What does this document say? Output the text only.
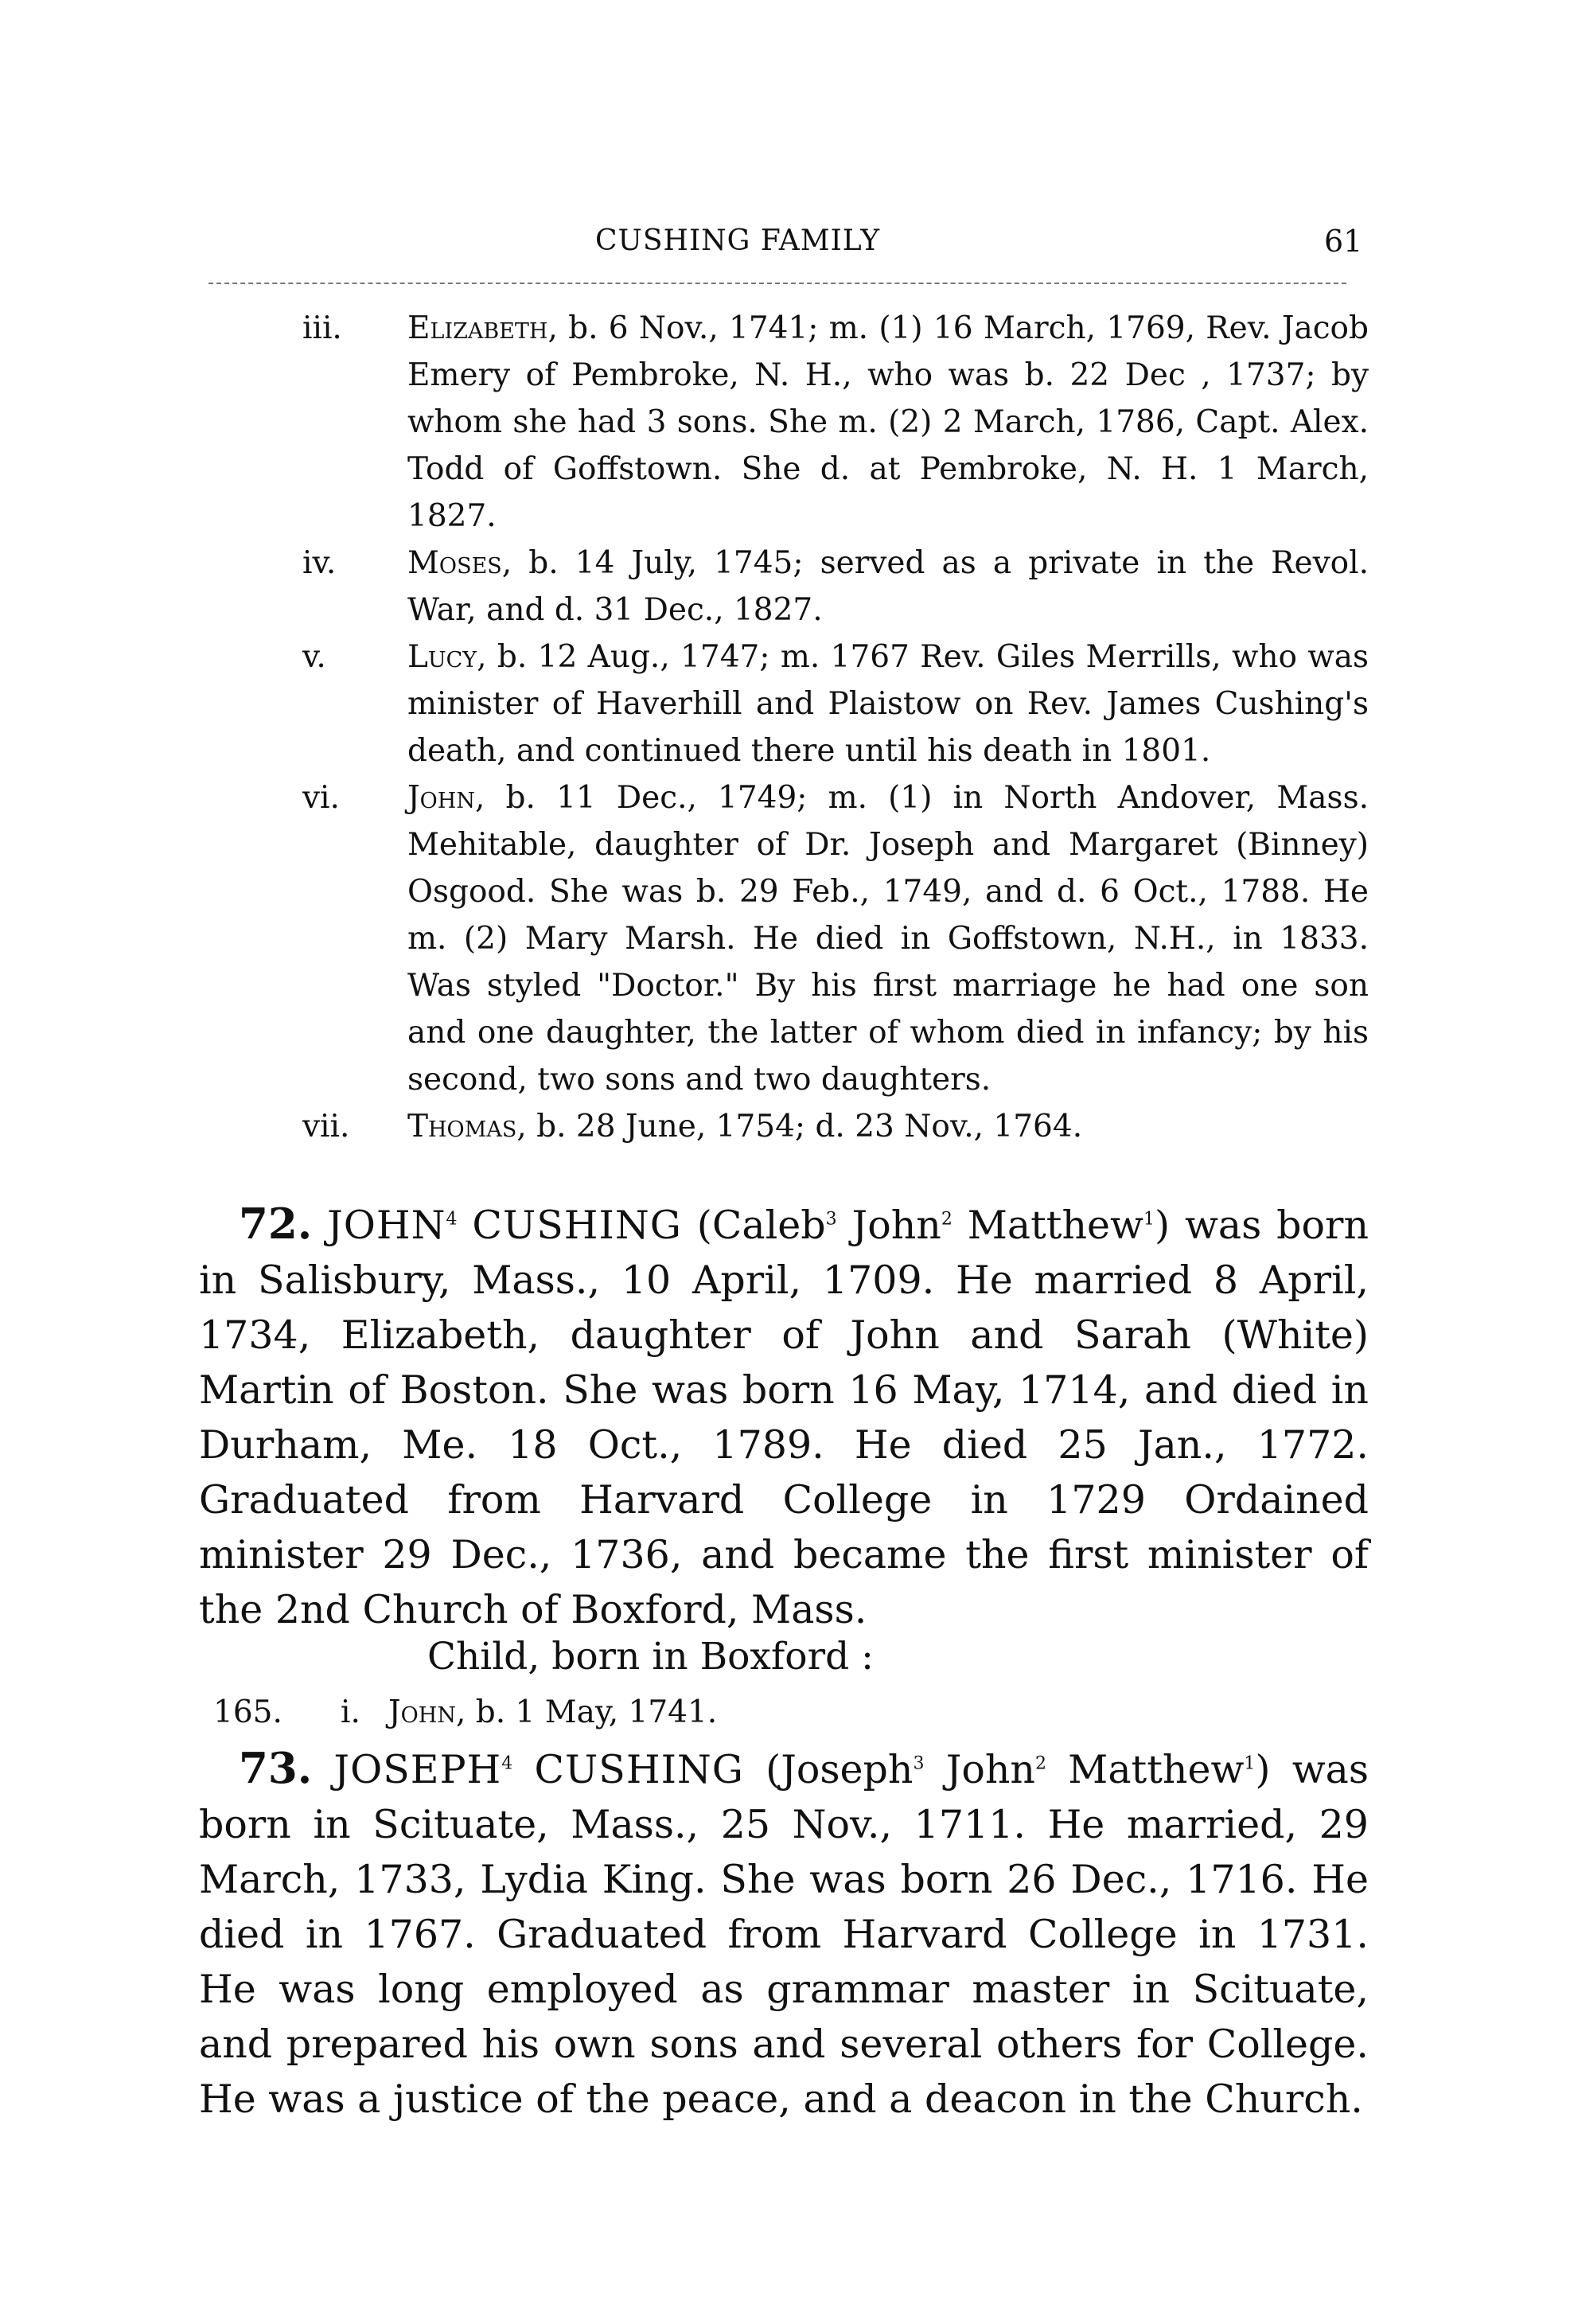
CUSHING FAMILY	61
iii. Elizabeth, b. 6 Nov., 1741; m. (1) 16 March, 1769, Rev. Jacob Emery of Pembroke, N. H., who was b. 22 Dec , 1737; by whom she had 3 sons. She m. (2) 2 March, 1786, Capt. Alex. Todd of Goffstown. She d. at Pembroke, N. H. 1 March, 1827.
iv. Moses, b. 14 July, 1745; served as a private in the Revol. War, and d. 31 Dec., 1827.
v.	Lucy, b. 12 Aug., 1747; m. 1767 Rev. Giles Merrills, who was minister of Haverhill and Plaistow on Rev. James Cushing's death, and continued there until his death in 1801.
vi. John, b. 11 Dec., 1749; m. (1) in North Andover, Mass. Mehitable, daughter of Dr. Joseph and Margaret (Binney) Osgood. She was b. 29 Feb., 1749, and d. 6 Oct., 1788. He m. (2) Mary Marsh. He died in Goffstown, N.H., in 1833. Was styled "Doctor." By his first marriage he had one son and one daughter, the latter of whom died in infancy; by his second, two sons and two daughters.
vii. Thomas, b. 28 June, 1754; d. 23 Nov., 1764.

72. JOHN$^4$ CUSHING (Caleb$^3$ John$^2$ Matthew$^1$) was born in Salisbury, Mass., 10 April, 1709. He married 8 April, 1734, Elizabeth, daughter of John and Sarah (White) Martin of Boston. She was born 16 May, 1714, and died in Durham, Me. 18 Oct., 1789. He died 25 Jan., 1772. Graduated from Harvard College in 1729 Ordained minister 29 Dec., 1736, and became the first minister of the 2nd Church of Boxford, Mass.

Child, born in Boxford :
165. i. John, b. 1 May, 1741.

73. JOSEPH$^4$ CUSHING (Joseph$^3$ John$^2$ Matthew$^1$) was born in Scituate, Mass., 25 Nov., 1711. He married, 29 March, 1733, Lydia King. She was born 26 Dec., 1716. He died in 1767. Graduated from Harvard College in 1731. He was long employed as grammar master in Scituate, and prepared his own sons and several others for College. He was a justice of the peace, and a deacon in the Church.
